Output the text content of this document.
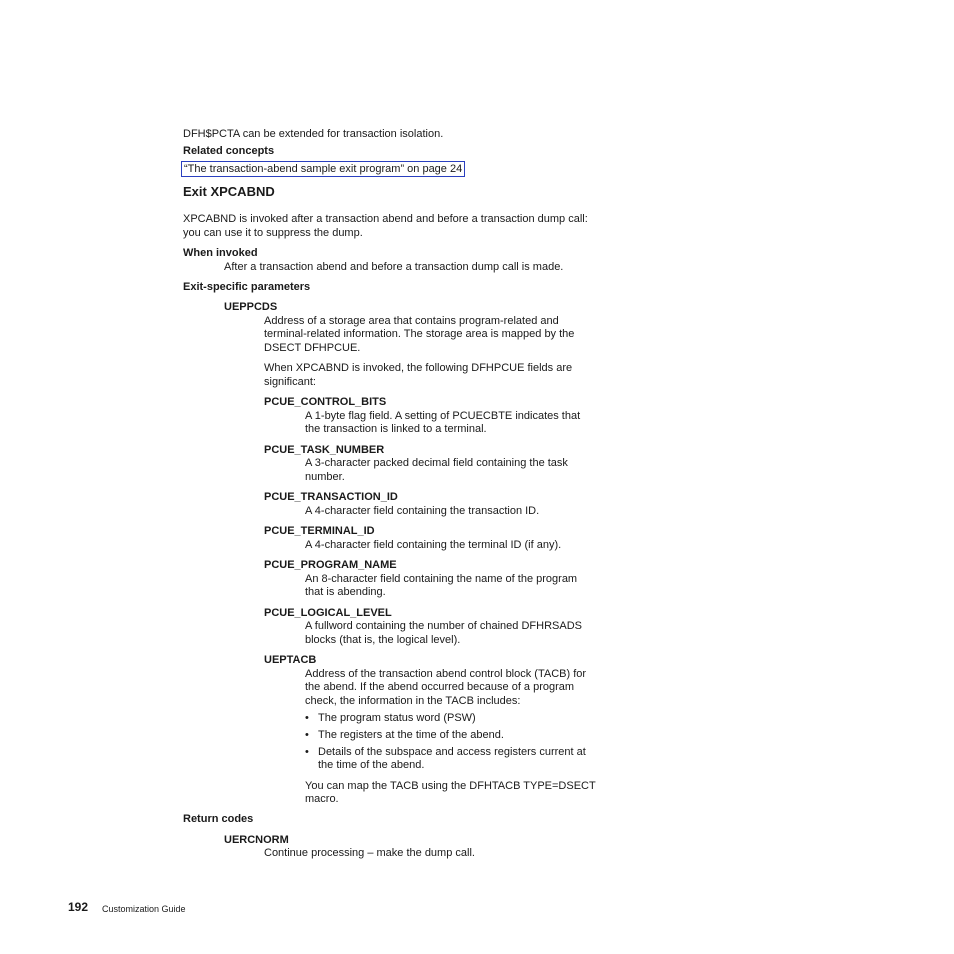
DFH$PCTA can be extended for transaction isolation.
Related concepts
“The transaction-abend sample exit program” on page 24
Exit XPCABND
XPCABND is invoked after a transaction abend and before a transaction dump call:
you can use it to suppress the dump.
When invoked
After a transaction abend and before a transaction dump call is made.
Exit-specific parameters
UEPPCDS
Address of a storage area that contains program-related and
terminal-related information. The storage area is mapped by the
DSECT DFHPCUE.
When XPCABND is invoked, the following DFHPCUE fields are
significant:
PCUE_CONTROL_BITS
A 1-byte flag field. A setting of PCUECBTE indicates that
the transaction is linked to a terminal.
PCUE_TASK_NUMBER
A 3-character packed decimal field containing the task
number.
PCUE_TRANSACTION_ID
A 4-character field containing the transaction ID.
PCUE_TERMINAL_ID
A 4-character field containing the terminal ID (if any).
PCUE_PROGRAM_NAME
An 8-character field containing the name of the program
that is abending.
PCUE_LOGICAL_LEVEL
A fullword containing the number of chained DFHRSADS
blocks (that is, the logical level).
UEPTACB
Address of the transaction abend control block (TACB) for
the abend. If the abend occurred because of a program
check, the information in the TACB includes:
• The program status word (PSW)
• The registers at the time of the abend.
• Details of the subspace and access registers current at
the time of the abend.
You can map the TACB using the DFHTACB TYPE=DSECT
macro.
Return codes
UERCNORM
Continue processing – make the dump call.
192 Customization Guide
